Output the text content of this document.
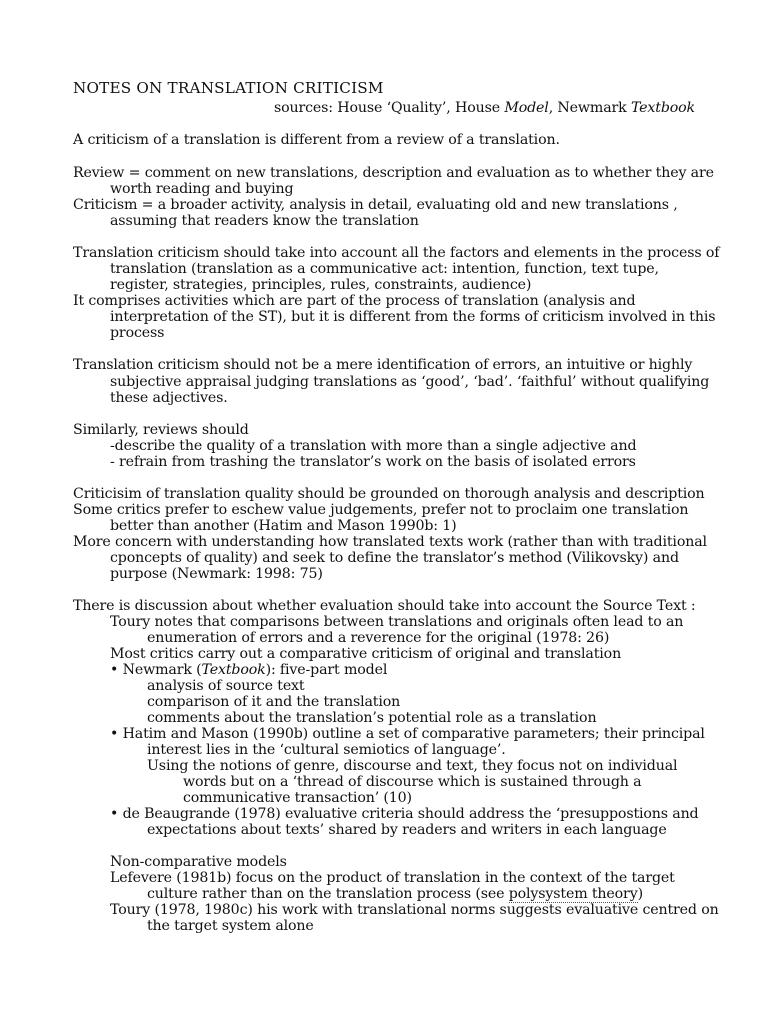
NOTES ON TRANSLATION CRITICISM
sources: House ‘Quality’, House Model, Newmark Textbook
A criticism of a translation is different from a review of a translation.
Review = comment on new translations, description and evaluation as to whether they are
worth reading and buying
Criticism = a broader activity, analysis in detail, evaluating old and new translations ,
assuming that readers know the translation
Translation criticism should take into account all the factors and elements in the process of
translation (translation as a communicative act: intention, function, text tupe,
register, strategies, principles, rules, constraints, audience)
It comprises activities which are part of the process of translation (analysis and
interpretation of the ST), but it is different from the forms of criticism involved in this
process
Translation criticism should not be a mere identification of errors, an intuitive or highly
subjective appraisal judging translations as ‘good’, ‘bad’. ‘faithful’ without qualifying
these adjectives.
Similarly, reviews should
-describe the quality of a translation with more than a single adjective and
- refrain from trashing the translator’s work on the basis of isolated errors
Criticisim of translation quality should be grounded on thorough analysis and description
Some critics prefer to eschew value judgements, prefer not to proclaim one translation
better than another (Hatim and Mason 1990b: 1)
More concern with understanding how translated texts work (rather than with traditional
cponcepts of quality) and seek to define the translator’s method (Vilikovsky) and
purpose (Newmark: 1998: 75)
There is discussion about whether evaluation should take into account the Source Text :
Toury notes that comparisons between translations and originals often lead to an
enumeration of errors and a reverence for the original (1978: 26)
Most critics carry out a comparative criticism of original and translation
• Newmark (Textbook): five-part model
analysis of source text
comparison of it and the translation
comments about the translation’s potential role as a translation
• Hatim and Mason (1990b) outline a set of comparative parameters; their principal
interest lies in the ‘cultural semiotics of language’.
Using the notions of genre, discourse and text, they focus not on individual
words but on a ‘thread of discourse which is sustained through a
communicative transaction’ (10)
• de Beaugrande (1978) evaluative criteria should address the ‘presuppostions and
expectations about texts’ shared by readers and writers in each language
Non-comparative models
Lefevere (1981b) focus on the product of translation in the context of the target
culture rather than on the translation process (see polysystem theory)
Toury (1978, 1980c) his work with translational norms suggests evaluative centred on
the target system alone
